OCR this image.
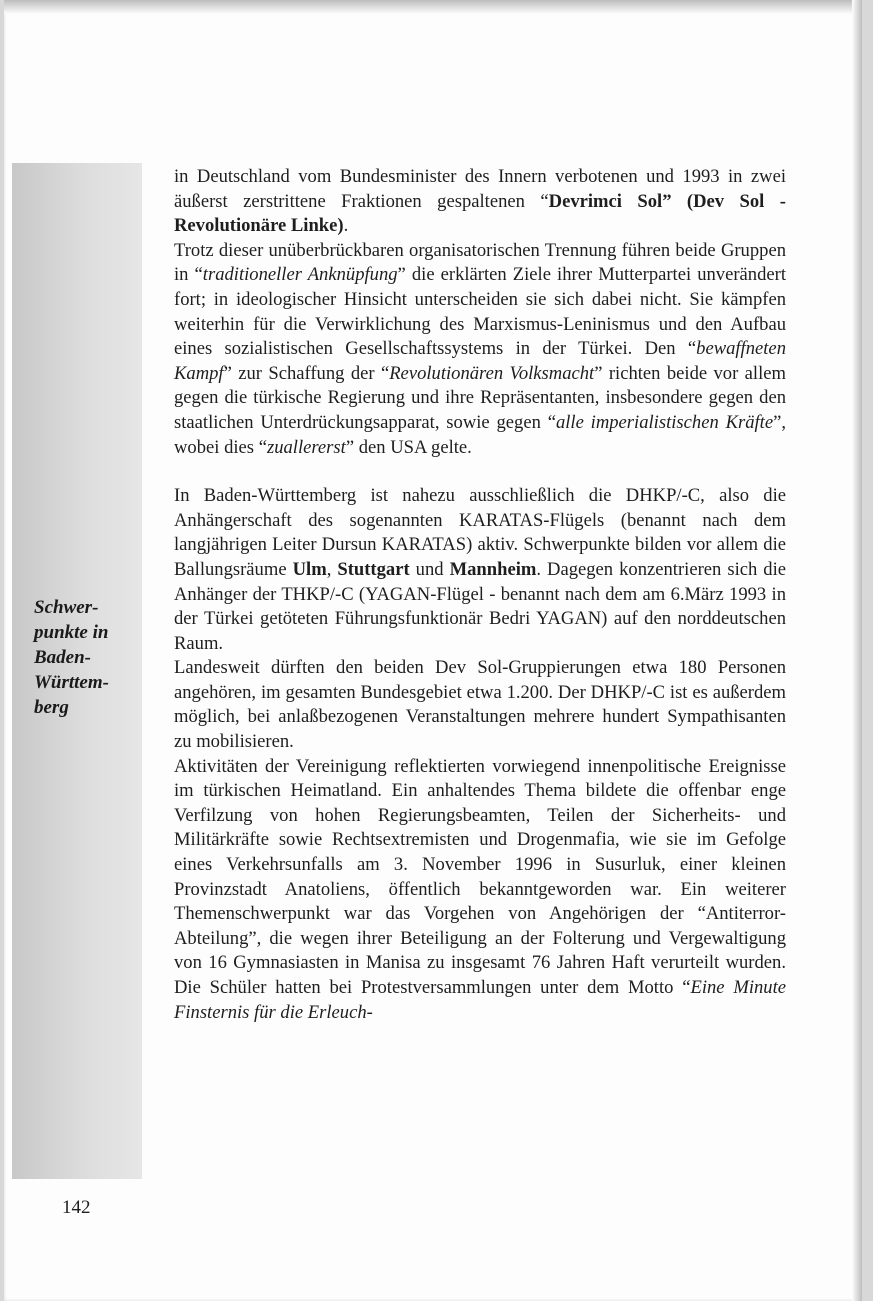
Schwer-
punkte in
Baden-
Württem-
berg

in Deutschland vom Bundesminister des Innern verbotenen und 1993 in zwei äußerst zerstrittene Fraktionen gespaltenen “Devrimci Sol” (Dev Sol - Revolutionäre Linke).

Trotz dieser unüberbrückbaren organisatorischen Trennung führen beide Gruppen in “traditioneller Anknüpfung” die erklärten Ziele ihrer Mutterpartei unverändert fort; in ideologischer Hinsicht unterscheiden sie sich dabei nicht. Sie kämpfen weiterhin für die Verwirklichung des Marxismus-Leninismus und den Aufbau eines sozialistischen Gesellschaftssystems in der Türkei. Den “bewaffneten Kampf” zur Schaffung der “Revolutionären Volksmacht” richten beide vor allem gegen die türkische Regierung und ihre Repräsentanten, insbesondere gegen den staatlichen Unterdrückungsapparat, sowie gegen “alle imperialistischen Kräfte”, wobei dies “zuallererst” den USA gelte.

In Baden-Württemberg ist nahezu ausschließlich die DHKP/-C, also die Anhängerschaft des sogenannten KARATAS-Flügels (benannt nach dem langjährigen Leiter Dursun KARATAS) aktiv. Schwerpunkte bilden vor allem die Ballungsräume Ulm, Stuttgart und Mannheim. Dagegen konzentrieren sich die Anhänger der THKP/-C (YAGAN-Flügel - benannt nach dem am 6.März 1993 in der Türkei getöteten Führungsfunktionär Bedri YAGAN) auf den norddeutschen Raum.

Landesweit dürften den beiden Dev Sol-Gruppierungen etwa 180 Personen angehören, im gesamten Bundesgebiet etwa 1.200. Der DHKP/-C ist es außerdem möglich, bei anlaßbezogenen Veranstaltungen mehrere hundert Sympathisanten zu mobilisieren.

Aktivitäten der Vereinigung reflektierten vorwiegend innenpolitische Ereignisse im türkischen Heimatland. Ein anhaltendes Thema bildete die offenbar enge Verfilzung von hohen Regierungsbeamten, Teilen der Sicherheits- und Militärkräfte sowie Rechtsextremisten und Drogenmafia, wie sie im Gefolge eines Verkehrsunfalls am 3. November 1996 in Susurluk, einer kleinen Provinzstadt Anatoliens, öffentlich bekanntgeworden war. Ein weiterer Themenschwerpunkt war das Vorgehen von Angehörigen der “Antiterror-Abteilung”, die wegen ihrer Beteiligung an der Folterung und Vergewaltigung von 16 Gymnasiasten in Manisa zu insgesamt 76 Jahren Haft verurteilt wurden. Die Schüler hatten bei Protestversammlungen unter dem Motto “Eine Minute Finsternis für die Erleuch-

142
